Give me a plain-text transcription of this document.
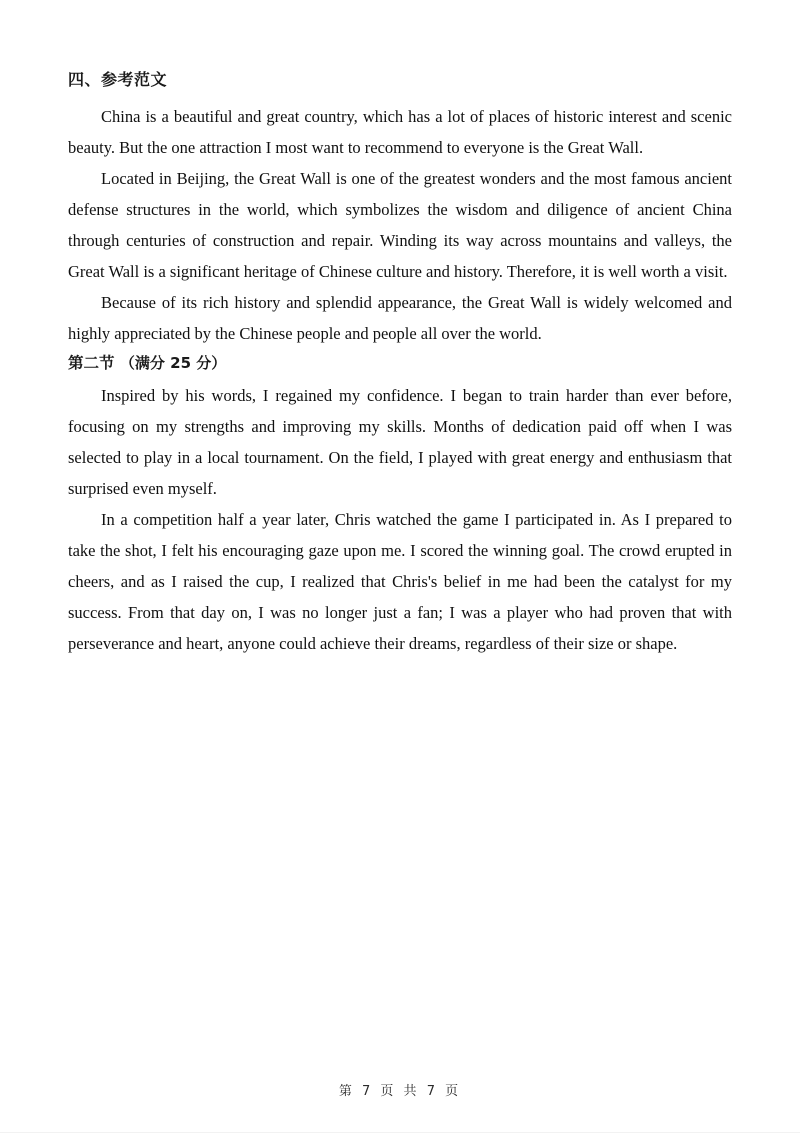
四、参考范文

China is a beautiful and great country, which has a lot of places of historic interest and scenic beauty. But the one attraction I most want to recommend to everyone is the Great Wall.

Located in Beijing, the Great Wall is one of the greatest wonders and the most famous ancient defense structures in the world, which symbolizes the wisdom and diligence of ancient China through centuries of construction and repair. Winding its way across mountains and valleys, the Great Wall is a significant heritage of Chinese culture and history. Therefore, it is well worth a visit.

Because of its rich history and splendid appearance, the Great Wall is widely welcomed and highly appreciated by the Chinese people and people all over the world.

第二节 （满分 25 分）

Inspired by his words, I regained my confidence. I began to train harder than ever before, focusing on my strengths and improving my skills. Months of dedication paid off when I was selected to play in a local tournament. On the field, I played with great energy and enthusiasm that surprised even myself.

In a competition half a year later, Chris watched the game I participated in. As I prepared to take the shot, I felt his encouraging gaze upon me. I scored the winning goal. The crowd erupted in cheers, and as I raised the cup, I realized that Chris's belief in me had been the catalyst for my success. From that day on, I was no longer just a fan; I was a player who had proven that with perseverance and heart, anyone could achieve their dreams, regardless of their size or shape.

第 7 页 共 7 页
